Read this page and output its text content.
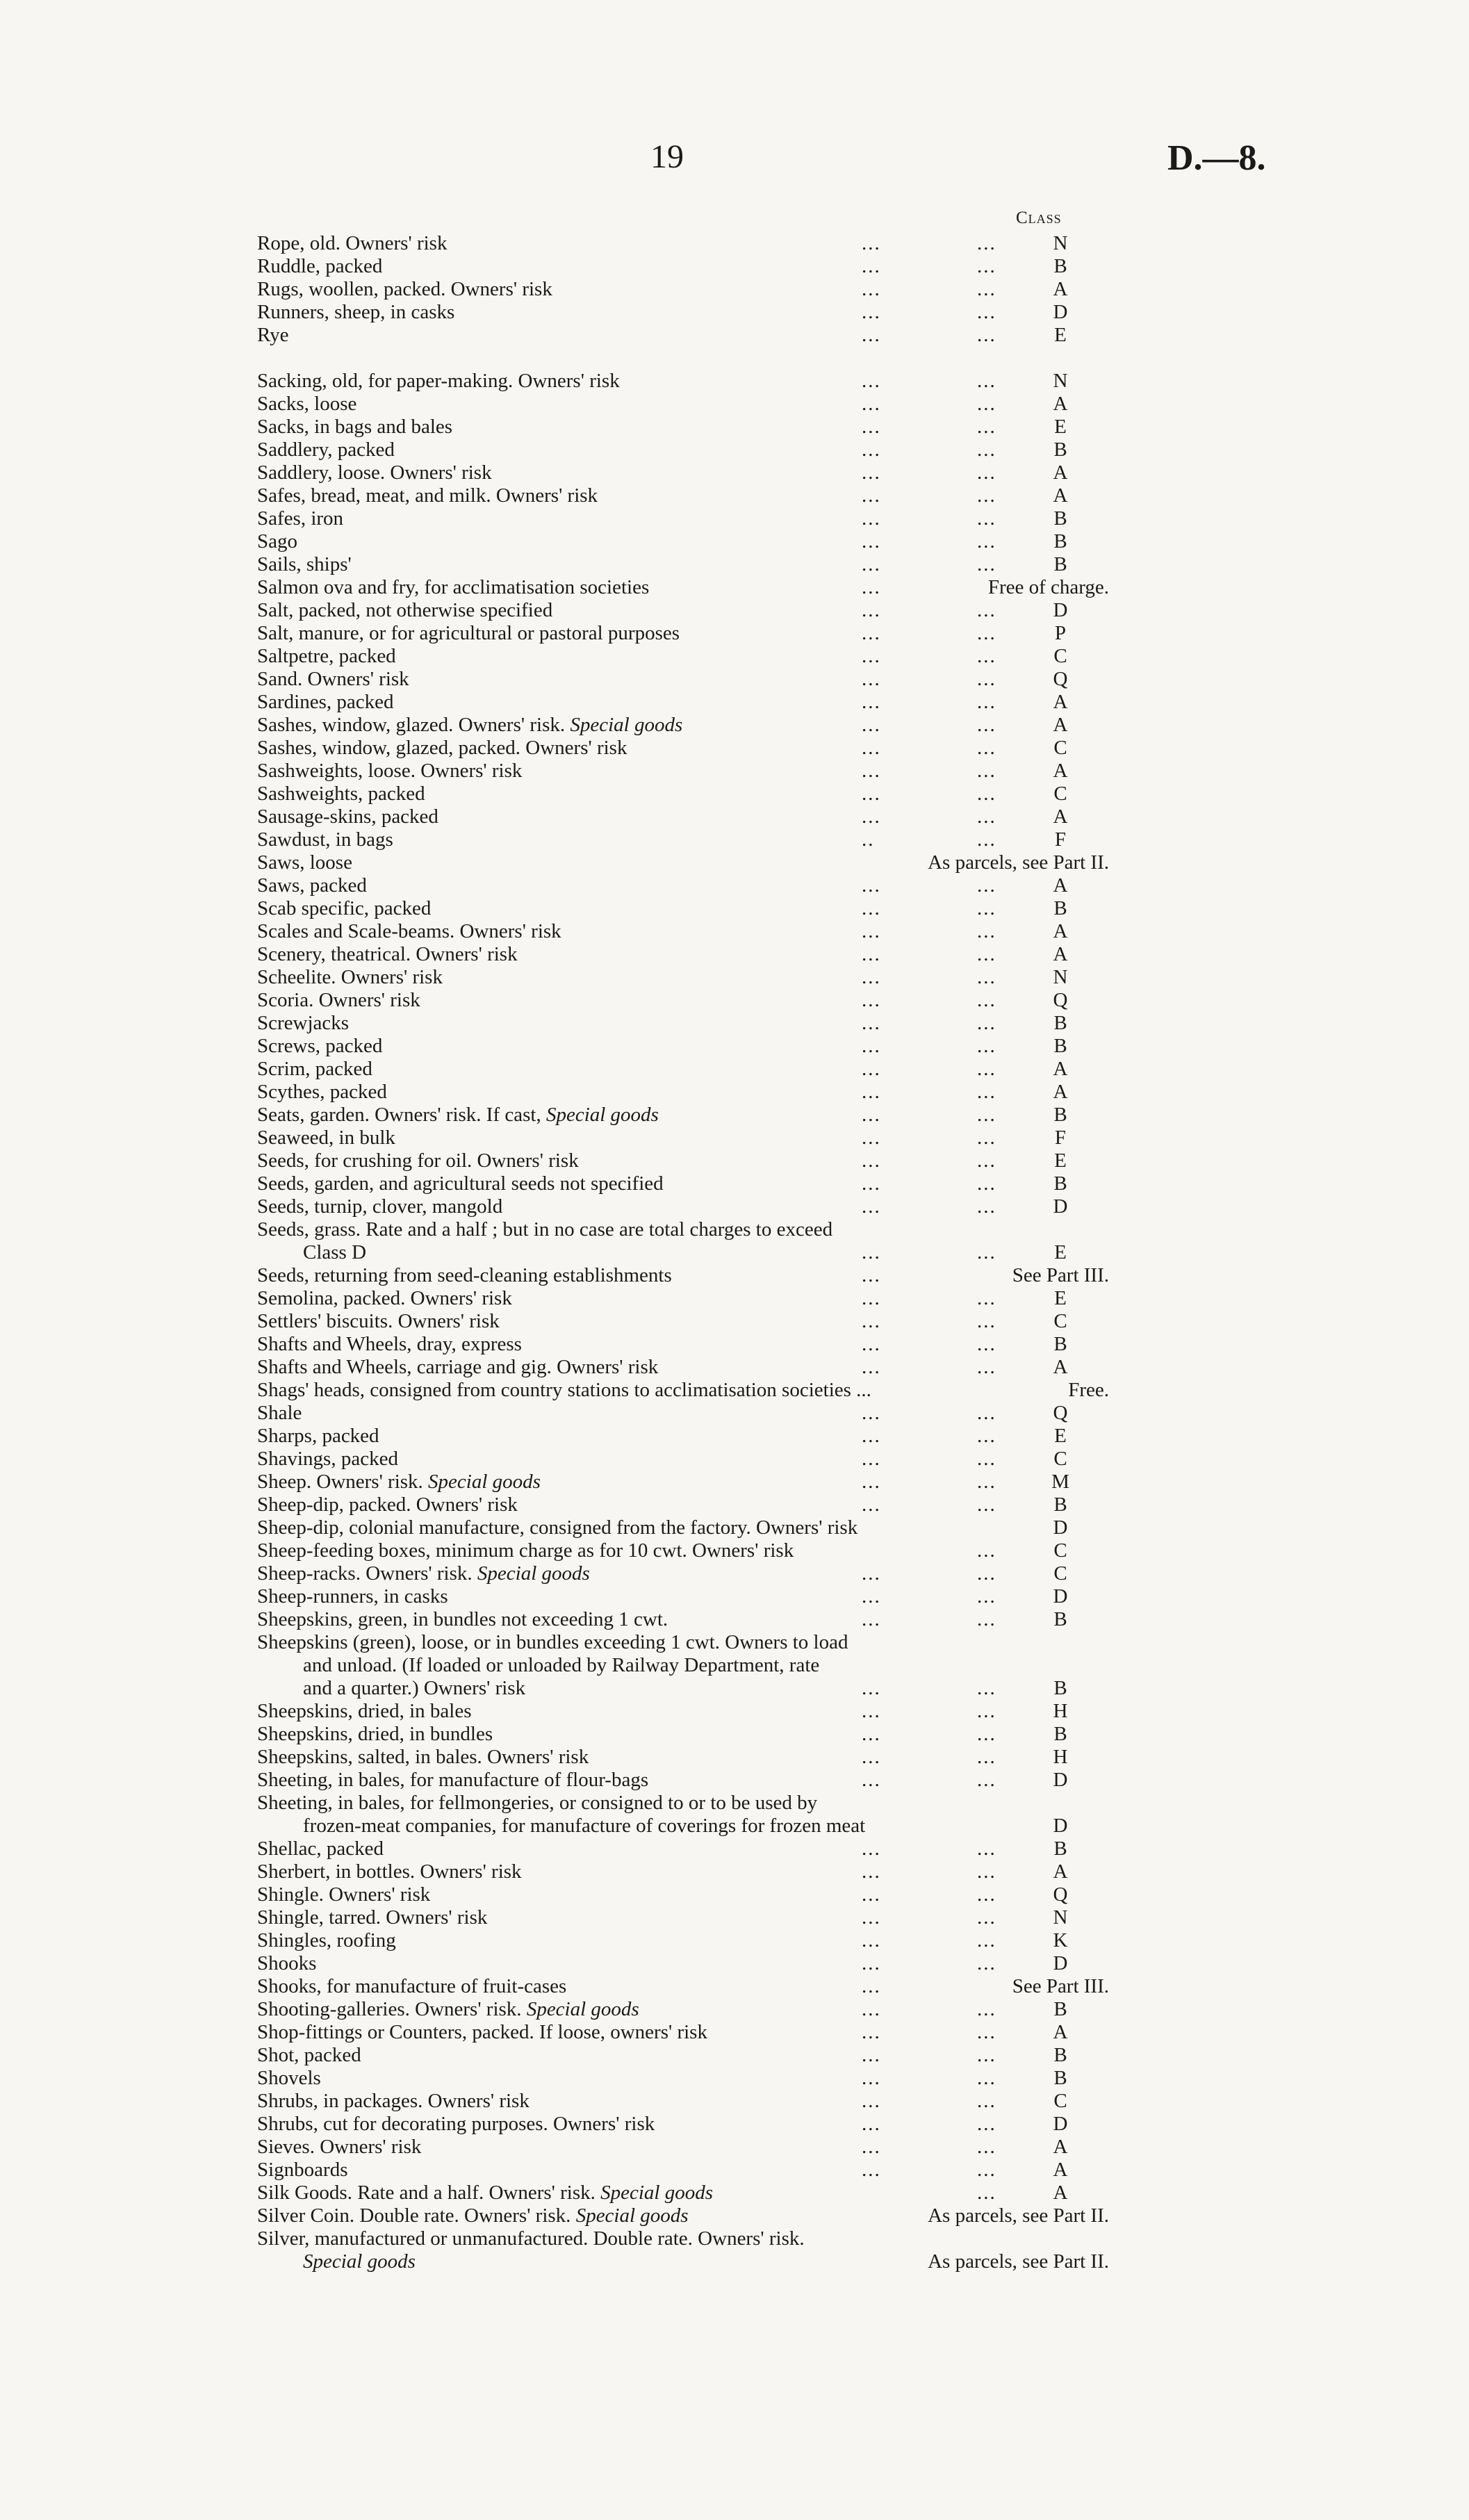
19	D.—8.
Class
Rope, old. Owners' risk	...	...	N
Ruddle, packed	...	...	B
Rugs, woollen, packed. Owners' risk	...	...	A
Runners, sheep, in casks	...	...	D
Rye	...	...	E
Sacking, old, for paper-making. Owners' risk	...	...	N
Sacks, loose	...	...	A
Sacks, in bags and bales	...	...	E
Saddlery, packed	...	...	B
Saddlery, loose. Owners' risk	...	...	A
Safes, bread, meat, and milk. Owners' risk	...	...	A
Safes, iron	...	...	B
Sago	...	...	B
Sails, ships'	...	...	B
Salmon ova and fry, for acclimatisation societies	...	Free of charge.
Salt, packed, not otherwise specified	...	...	D
Salt, manure, or for agricultural or pastoral purposes	...	...	P
Saltpetre, packed	...	...	C
Sand. Owners' risk	...	...	Q
Sardines, packed	...	...	A
Sashes, window, glazed. Owners' risk. Special goods	...	...	A
Sashes, window, glazed, packed. Owners' risk	...	...	C
Sashweights, loose. Owners' risk	...	...	A
Sashweights, packed	...	...	C
Sausage-skins, packed	...	...	A
Sawdust, in bags	..	...	F
Saws, loose	As parcels, see Part II.
Saws, packed	...	...	A
Scab specific, packed	...	...	B
Scales and Scale-beams. Owners' risk	...	...	A
Scenery, theatrical. Owners' risk	...	...	A
Scheelite. Owners' risk	...	...	N
Scoria. Owners' risk	...	...	Q
Screwjacks	...	...	B
Screws, packed	...	...	B
Scrim, packed	...	...	A
Scythes, packed	...	...	A
Seats, garden. Owners' risk. If cast, Special goods	...	...	B
Seaweed, in bulk	...	...	F
Seeds, for crushing for oil. Owners' risk	...	...	E
Seeds, garden, and agricultural seeds not specified	...	...	B
Seeds, turnip, clover, mangold	...	...	D
Seeds, grass. Rate and a half ; but in no case are total charges to exceed
Class D	...	...	E
Seeds, returning from seed-cleaning establishments	...	See Part III.
Semolina, packed. Owners' risk	...	...	E
Settlers' biscuits. Owners' risk	...	...	C
Shafts and Wheels, dray, express	...	...	B
Shafts and Wheels, carriage and gig. Owners' risk	...	...	A
Shags' heads, consigned from country stations to acclimatisation societies ...	Free.
Shale	...	...	Q
Sharps, packed	...	...	E
Shavings, packed	...	...	C
Sheep. Owners' risk. Special goods	...	...	M
Sheep-dip, packed. Owners' risk	...	...	B
Sheep-dip, colonial manufacture, consigned from the factory. Owners' risk	D
Sheep-feeding boxes, minimum charge as for 10 cwt. Owners' risk	...	C
Sheep-racks. Owners' risk. Special goods	...	...	C
Sheep-runners, in casks	...	...	D
Sheepskins, green, in bundles not exceeding 1 cwt.	...	...	B
Sheepskins (green), loose, or in bundles exceeding 1 cwt. Owners to load
and unload. (If loaded or unloaded by Railway Department, rate
and a quarter.) Owners' risk	...	...	B
Sheepskins, dried, in bales	...	...	H
Sheepskins, dried, in bundles	...	...	B
Sheepskins, salted, in bales. Owners' risk	...	...	H
Sheeting, in bales, for manufacture of flour-bags	...	...	D
Sheeting, in bales, for fellmongeries, or consigned to or to be used by
frozen-meat companies, for manufacture of coverings for frozen meat	D
Shellac, packed	...	...	B
Sherbert, in bottles. Owners' risk	...	...	A
Shingle. Owners' risk	...	...	Q
Shingle, tarred. Owners' risk	...	...	N
Shingles, roofing	...	...	K
Shooks	...	...	D
Shooks, for manufacture of fruit-cases	...	See Part III.
Shooting-galleries. Owners' risk. Special goods	...	...	B
Shop-fittings or Counters, packed. If loose, owners' risk	...	...	A
Shot, packed	...	...	B
Shovels	...	...	B
Shrubs, in packages. Owners' risk	...	...	C
Shrubs, cut for decorating purposes. Owners' risk	...	...	D
Sieves. Owners' risk	...	...	A
Signboards	...	...	A
Silk Goods. Rate and a half. Owners' risk. Special goods	...	A
Silver Coin. Double rate. Owners' risk. Special goods	As parcels, see Part II.
Silver, manufactured or unmanufactured. Double rate. Owners' risk.
Special goods	As parcels, see Part II.
